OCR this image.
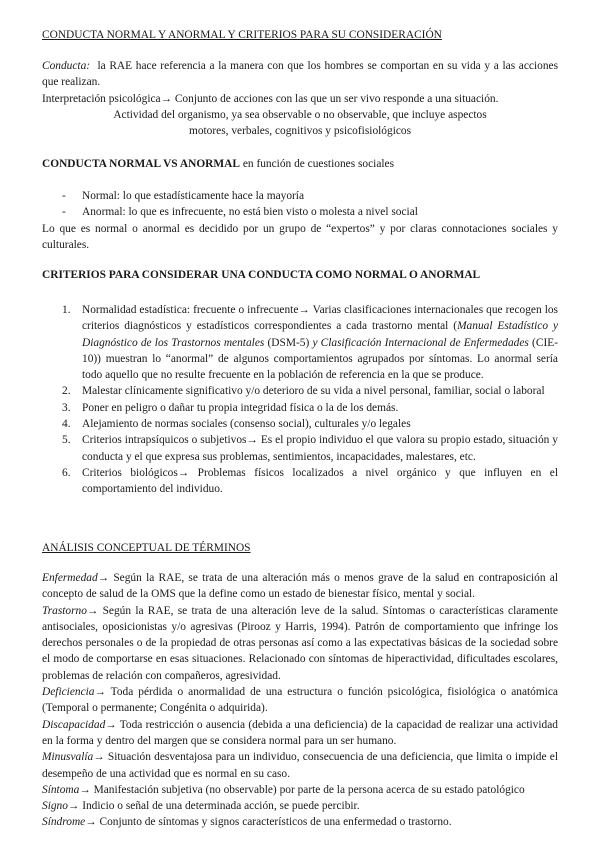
CONDUCTA NORMAL Y ANORMAL Y CRITERIOS PARA SU CONSIDERACIÓN

Conducta: la RAE hace referencia a la manera con que los hombres se comportan en su vida y a las acciones que realizan.

Interpretación psicológica→ Conjunto de acciones con las que un ser vivo responde a una situación.

Actividad del organismo, ya sea observable o no observable, que incluye aspectos motores, verbales, cognitivos y psicofisiológicos

CONDUCTA NORMAL VS ANORMAL en función de cuestiones sociales

- Normal: lo que estadísticamente hace la mayoría
- Anormal: lo que es infrecuente, no está bien visto o molesta a nivel social

Lo que es normal o anormal es decidido por un grupo de “expertos” y por claras connotaciones sociales y culturales.

CRITERIOS PARA CONSIDERAR UNA CONDUCTA COMO NORMAL O ANORMAL

1. Normalidad estadística: frecuente o infrecuente→ Varias clasificaciones internacionales que recogen los criterios diagnósticos y estadísticos correspondientes a cada trastorno mental (Manual Estadístico y Diagnóstico de los Trastornos mentales (DSM-5) y Clasificación Internacional de Enfermedades (CIE-10)) muestran lo “anormal” de algunos comportamientos agrupados por síntomas. Lo anormal sería todo aquello que no resulte frecuente en la población de referencia en la que se produce.
2. Malestar clínicamente significativo y/o deterioro de su vida a nivel personal, familiar, social o laboral
3. Poner en peligro o dañar tu propia integridad física o la de los demás.
4. Alejamiento de normas sociales (consenso social), culturales y/o legales
5. Criterios intrapsíquicos o subjetivos→ Es el propio individuo el que valora su propio estado, situación y conducta y el que expresa sus problemas, sentimientos, incapacidades, malestares, etc.
6. Criterios biológicos→ Problemas físicos localizados a nivel orgánico y que influyen en el comportamiento del individuo.

ANÁLISIS CONCEPTUAL DE TÉRMINOS

Enfermedad→ Según la RAE, se trata de una alteración más o menos grave de la salud en contraposición al concepto de salud de la OMS que la define como un estado de bienestar físico, mental y social.
Trastorno→ Según la RAE, se trata de una alteración leve de la salud. Síntomas o características claramente antisociales, oposicionistas y/o agresivas (Pirooz y Harris, 1994). Patrón de comportamiento que infringe los derechos personales o de la propiedad de otras personas así como a las expectativas básicas de la sociedad sobre el modo de comportarse en esas situaciones. Relacionado con síntomas de hiperactividad, dificultades escolares, problemas de relación con compañeros, agresividad.
Deficiencia→ Toda pérdida o anormalidad de una estructura o función psicológica, fisiológica o anatómica (Temporal o permanente; Congénita o adquirida).
Discapacidad→ Toda restricción o ausencia (debida a una deficiencia) de la capacidad de realizar una actividad en la forma y dentro del margen que se considera normal para un ser humano.
Minusvalía→ Situación desventajosa para un individuo, consecuencia de una deficiencia, que limita o impide el desempeño de una actividad que es normal en su caso.
Síntoma→ Manifestación subjetiva (no observable) por parte de la persona acerca de su estado patológico
Signo→ Indicio o señal de una determinada acción, se puede percibir.
Síndrome→ Conjunto de síntomas y signos característicos de una enfermedad o trastorno.
